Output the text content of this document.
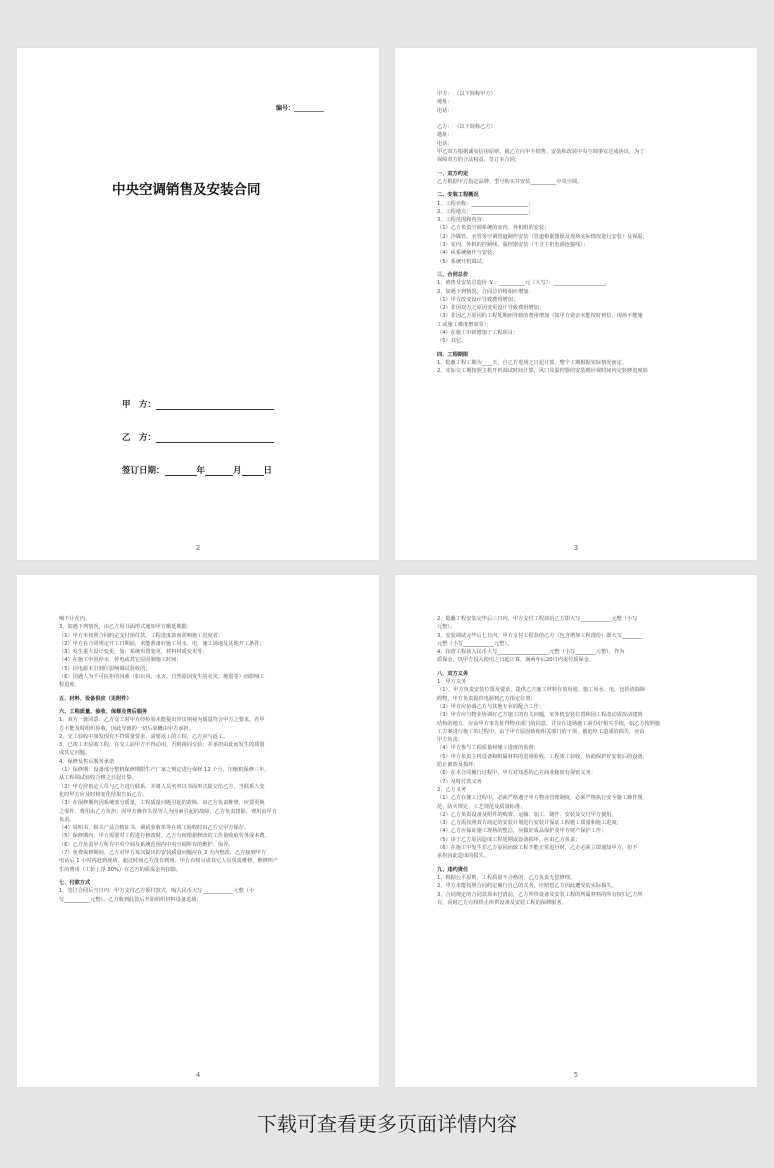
编号：__________
中央空调销售及安装合同
甲　方：
乙　方：
签订日期：	年	月	日
2
甲方： （以下简称甲方）
地址：
电话：

乙方： （以下简称乙方）
地址：
电话：
甲乙双方根据诚实信用原则，就乙方向甲方销售、安装和改装中央空调事宜达成协议，为了
保障双方的合法权益，签订本合同。
一、双方约定
乙方根据甲方指定品牌、型号购买并安装__________中央空调。
二、安装工程概况
1、工程名称：______________________；
2、工程地点：______________________；
3、工程范围和内容：
（1）乙方负责空调系统的室内、外机组的安装；
（2）冷媒管、水管等空调管道制作安装（管道根据图纸及现场实际情况进行安装）及保温；
（3）室内、外机的控制线、温控器安装（不含主机电源连接线）；
（4）风系统制作与安装；
（5）系统开机调试。
三、合同总价
1、销售及安装总造价 ￥：__________元（大写）：____________________。
2、如遇下列情况，合同总价将相应增加：
（1）甲方改变设计导致费用增加；
（2）非因双方之原因变更设计导致费用增加；
（3）非因乙方原因的工程延期而导致的费用增加（如甲方资金未能按时到位、现场不能施
工或施工难度增加等）；
（4）在施工中新增加了工程项目；
（5）其它。
四、工程期限
1、隐蔽工程工期为____天，自乙方进场之日起计算，整个工期根据实际情况而定。
2、实际交工期按照主机开机调试时间计算，风口及温控器的安装则应视时间内完装修进度影
3
响不计在内。
3、如遇下列情况，由乙方用书面形式通知甲方顺延期限：
（1）甲方未按照合同约定支付预付款，工程进度款而影响施工进度者；
（2）甲方在合同规定开工日期前，未能准备好施工用水、电，施工场地及其他开工条件；
（3）发生重大设计变更，如：系统布置变更、材料材质变更等；
（4）在施工中因停水、停电或其它原因制施工时间；
（5）因电源未引到位影响调试验收的；
（6）因遇人为不可抗拒的因素（如台风、水灾、自然原因发生的火灾、地震等）而影响工
程进度。
五、材料、设备供应（见附件）
六、工程质量、验收、保修及售后服务
1、双方一致同意：乙方交工时甲方经检验未能提出异议则视为质量符合甲方之要求，若甲
方不能及时组织验收，因此导致的一切后果概由甲方承担。
2、交工验收中如发现有不符质量要求，需要返工的工程，乙方应与返工。
3、已竣工未验收工程，在交工前甲方不得动用，否则视同交验；并承担由此而发生的质量
或其它问题。
4、保修及售后服务承诺
（1）保修期：设备部分整机保修期限生产厂家之规定进行保修 12 个月，压缩机保修三年，
从工程调试验收合格之日起计算。
（2）甲方应指定人员与乙方进行联系，并将人员名单以书面形式提交给乙方，当联系人变
化时甲方应及时将变化结果告诉乙方。
（3）在保修期内因系统部分质量，工程质量问题引起的故障，由乙方负责维修，应要更换
之零件，费用由乙方负担；因甲方操作失误等人为因素引起的故障，乙方负责排除，费用由甲方
负责。
（4）说明书，相关产品合格证书、调试验收单等在竣工验收时由乙方交甲方保存。
（5）保修期内，甲方需要对工程进行修改时，乙方有权根据修改的工作量收取劳务成本费。
（6）乙方负责甲方所有中央空调及系统范围内中央空调所有的维护、保养。
（7）免费保修期间，乙方对甲方每次提出的安装质量问题应在 2 天内整改，乙方接到甲方
电话后 1 小时内赶到现场，超过时间乙方没有到现，甲方有权另请其它人员负责维修，维修所产
生的费用（工价上浮 30%）在乙方的质保金内扣除。
七、付款方式
1、签订合同后当日内，甲方支付乙方预付款式，购人民币大写____________元整（小
写__________元整）。乙方收到此款后开始组织材料设备进场；
4
2、隐蔽工程安装完毕后三日内，甲方支付工程款给乙方即大写____________元整（小写
元整）。
3、安装调试完毕后七日内，甲方支付工程款给乙方（包含增加工程部份）即大写________
元整（小写____________元整）。
4、扣清工程款人民币大写____________________元整（小写________元整），作为
质保金，以甲方投入使用之日起计算，满两年后20日内退付质保金。
八、双方义务
1、甲方义务
（1）、甲方负责安装位置及要求，提供乙方施工材料存放用地、施工用水、电，包括清除障
碍物，甲方负责提供电源到乙方指定位置；
（2）甲方应协调乙方与其他专业的配合工作；
（3）甲方应与物业协调好乙方施工的有关问题，室外机安装位置和因工程改动需改动建筑
结构的地方，应由甲方事先征得物业部门的同意，并应在进场施工前办好相关手续，如乙方按照施
工方案进行施工的过程中，由于甲方原因致使相关部门的干预，被迫停工造成的损失，应由
甲方负责；
（4）甲方参与工程质量和施工进度的监督；
（5）甲方负责主机设备和附属材料的进场验收，工程竣工验收，协助保护好安装后的设备，
防止被盗及损坏；
（6）在本合同履行过程中，甲方对知悉的乙方商业秘密有保密义务；
（7）及时付款义务
2、乙方义务
（1）乙方在施工过程中，必须严格遵守甲方物业管理制度，必须严格执行安全施工操作规
范、防火规定、工艺规范及质量标准；
（2）乙方负责设备及附件的购置、运输、加工、制作、安装及交付甲方使用。
（3）乙方需按照双方商定的安装计划进行安装并保证工程施工质量和施工进度；
（4）乙方应保证施工现场的整洁，应做好成品保护及甲方财产保护工作；
（5）由于乙方原因造成工程延期或设备损坏，应由乙方负责；
（6）在施工中发生非乙方原因而致工程不能正常进行时，乙方必须立即通知甲方，但不
承担因此造成的损失。
九、违约责任
1、根据公平原则，工程质量不合格的，乙方负责无偿修理。
2、甲方未能按照合同约定履行自己的义务，应赔偿乙方因此遭受的实际损失。
3、合同规定的合同款项未付清前，乙方所供设备及安装工程的所属材料的所有权归乙方所
有，同时乙方有权终止所供设备及安装工程的保修服务。
5
下载可查看更多页面详情内容
